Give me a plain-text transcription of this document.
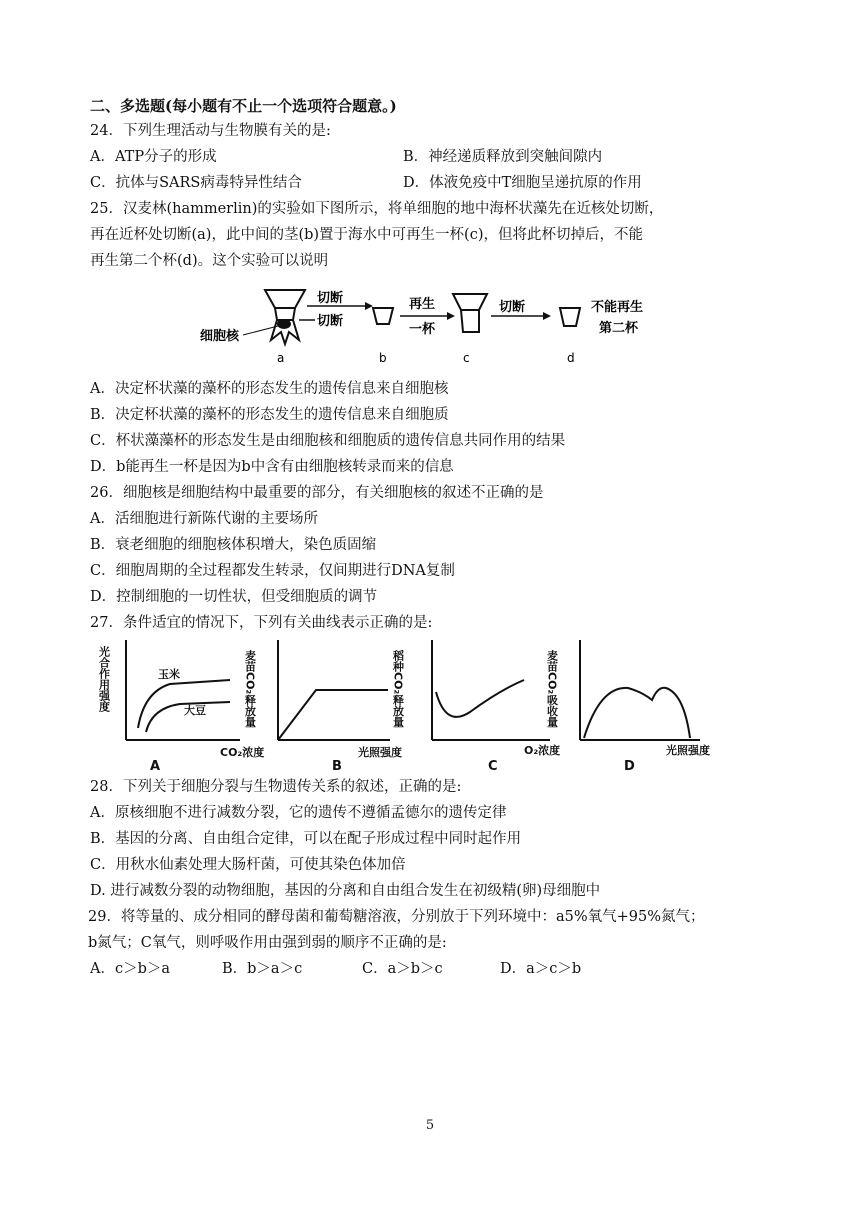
二、多选题(每小题有不止一个选项符合题意。)
24．下列生理活动与生物膜有关的是:
A．ATP分子的形成	B．神经递质释放到突触间隙内
C．抗体与SARS病毒特异性结合	D．体液免疫中T细胞呈递抗原的作用
25．汉麦林(hammerlin)的实验如下图所示，将单细胞的地中海杯状藻先在近核处切断，
再在近杯处切断(a)，此中间的茎(b)置于海水中可再生一杯(c)，但将此杯切掉后，不能
再生第二个杯(d)。这个实验可以说明
切断
切断
细胞核
再生
一杯
切断	不能再生
第二杯
a	b	c	d
A．决定杯状藻的藻杯的形态发生的遗传信息来自细胞核
B．决定杯状藻的藻杯的形态发生的遗传信息来自细胞质
C．杯状藻藻杯的形态发生是由细胞核和细胞质的遗传信息共同作用的结果
D．b能再生一杯是因为b中含有由细胞核转录而来的信息
26．细胞核是细胞结构中最重要的部分，有关细胞核的叙述不正确的是
A．活细胞进行新陈代谢的主要场所
B．衰老细胞的细胞核体积增大，染色质固缩
C．细胞周期的全过程都发生转录，仅间期进行DNA复制
D．控制细胞的一切性状，但受细胞质的调节
27．条件适宜的情况下，下列有关曲线表示正确的是:
光合作用强度	玉米
大豆
CO₂浓度
A
麦苗CO₂释放量
光照强度
B
稻种CO₂释放量
O₂浓度
C
麦苗CO₂吸收量
光照强度
D
28．下列关于细胞分裂与生物遗传关系的叙述，正确的是:
A．原核细胞不进行减数分裂，它的遗传不遵循孟德尔的遗传定律
B．基因的分离、自由组合定律，可以在配子形成过程中同时起作用
C．用秋水仙素处理大肠杆菌，可使其染色体加倍
D. 进行减数分裂的动物细胞，基因的分离和自由组合发生在初级精(卵)母细胞中
29．将等量的、成分相同的酵母菌和葡萄糖溶液，分别放于下列环境中：a5%氧气+95%氮气；
b氮气；C氧气，则呼吸作用由强到弱的顺序不正确的是:
A．c＞b＞a	B．b＞a＞c	C．a＞b＞c	D．a＞c＞b
5
